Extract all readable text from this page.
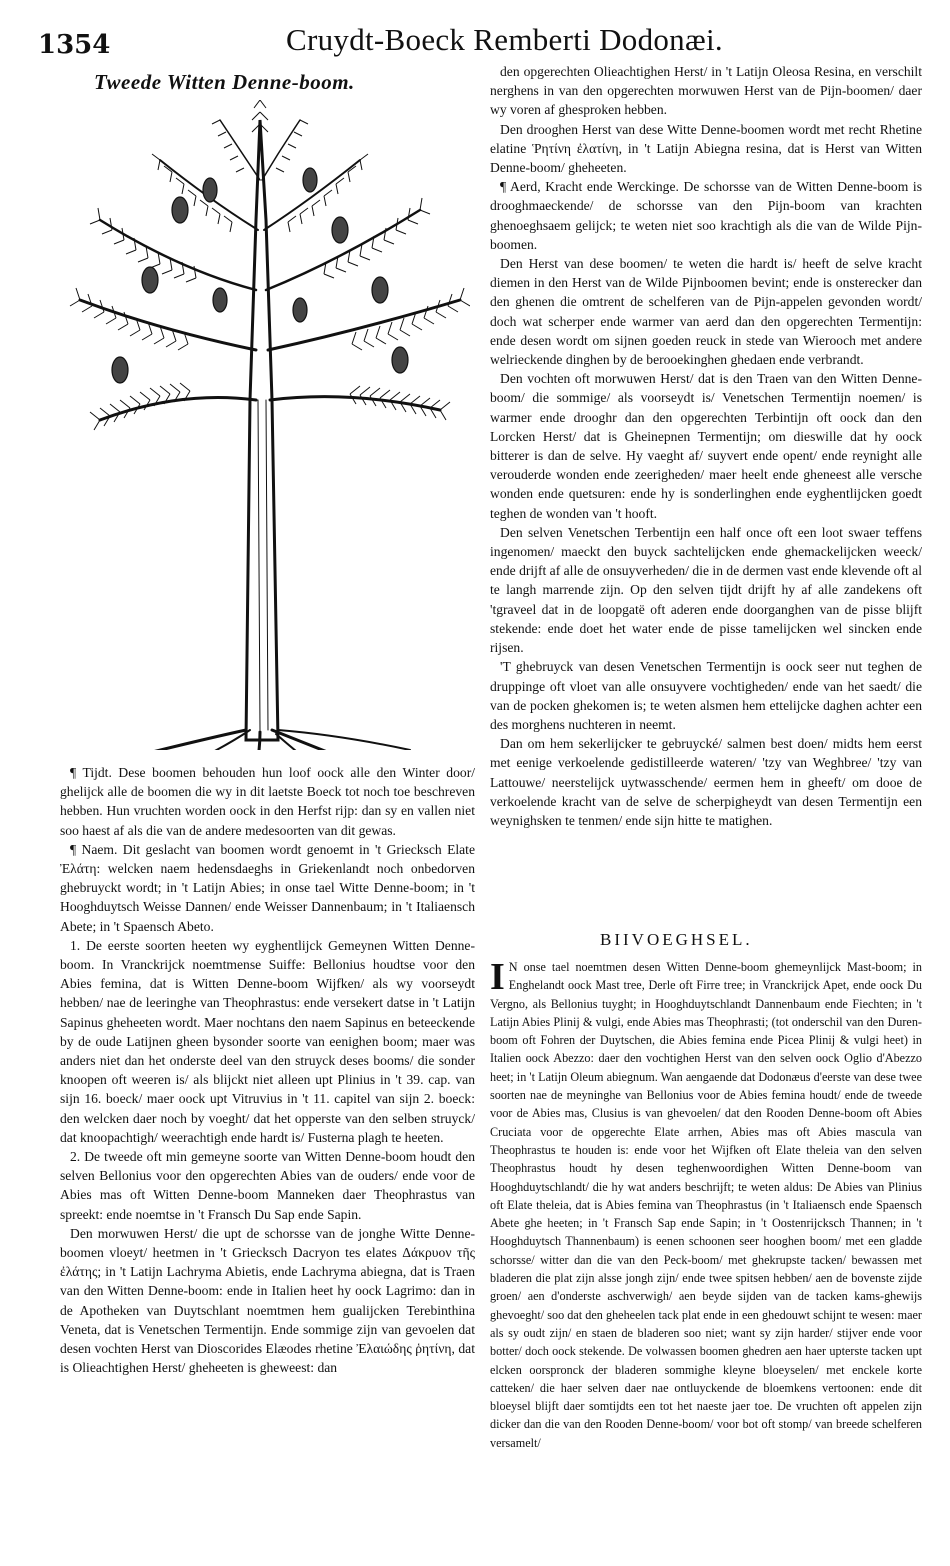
1354	Cruydt-Boeck Remberti Dodonæi.
Tweede Witten Denne-boom.

¶ Tijdt. Dese boomen behouden hun loof oock alle den Winter door/ ghelijck alle de boomen die wy in dit laetste Boeck tot noch toe beschreven hebben. Hun vruchten worden oock in den Herfst rijp: dan sy en vallen niet soo haest af als die van de andere medesoorten van dit gewas.

¶ Naem. Dit geslacht van boomen wordt genoemt in 't Griecksch Elate Ἐλάτη: welcken naem hedensdaeghs in Griekenlandt noch onbedorven ghebruyckt wordt; in 't Latijn Abies; in onse tael Witte Denne-boom; in 't Hooghduytsch Weisse Dannen/ ende Weisser Dannenbaum; in 't Italiaensch Abete; in 't Spaensch Abeto.

1. De eerste soorten heeten wy eyghentlijck Gemeynen Witten Denne-boom. In Vranckrijck noemtmense Suiffe: Bellonius houdtse voor den Abies femina, dat is Witten Denne-boom Wijfken/ als wy voorseydt hebben/ nae de leeringhe van Theophrastus: ende versekert datse in 't Latijn Sapinus gheheeten wordt. Maer nochtans den naem Sapinus en beteeckende by de oude Latijnen gheen bysonder soorte van eenighen boom; maer was anders niet dan het onderste deel van den struyck deses booms/ die sonder knoopen oft weeren is/ als blijckt niet alleen upt Plinius in 't 39. cap. van sijn 16. boeck/ maer oock upt Vitruvius in 't 11. capitel van sijn 2. boeck: den welcken daer noch by voeght/ dat het opperste van den selben struyck/ dat knoopachtigh/ weerachtigh ende hardt is/ Fusterna plagh te heeten.

2. De tweede oft min gemeyne soorte van Witten Denne-boom houdt den selven Bellonius voor den opgerechten Abies van de ouders/ ende voor de Abies mas oft Witten Denne-boom Manneken daer Theophrastus van spreekt: ende noemtse in 't Fransch Du Sap ende Sapin.

Den morwuwen Herst/ die upt de schorsse van de jonghe Witte Denne-boomen vloeyt/ heetmen in 't Griecksch Dacryon tes elates Δάκρυον τῆς ἐλάτης; in 't Latijn Lachryma Abietis, ende Lachryma abiegna, dat is Traen van den Witten Denne-boom: ende in Italien heet hy oock Lagrimo: dan in de Apotheken van Duytschlant noemtmen hem gualijcken Terebinthina Veneta, dat is Venetschen Termentijn. Ende sommige zijn van gevoelen dat desen vochten Herst van Dioscorides Elæodes rhetine Ἐλαιώδης ῥητίνη, dat is Olieachtighen Herst/ gheheeten is gheweest: dan

den opgerechten Olieachtighen Herst/ in 't Latijn Oleosa Resina, en verschilt nerghens in van den opgerechten morwuwen Herst van de Pijn-boomen/ daer wy voren af ghesproken hebben.

Den drooghen Herst van dese Witte Denne-boomen wordt met recht Rhetine elatine Ῥητίνη ἐλατίνη, in 't Latijn Abiegna resina, dat is Herst van Witten Denne-boom/ gheheeten.

¶ Aerd, Kracht ende Werckinge. De schorsse van de Witten Denne-boom is drooghmaeckende/ de schorsse van den Pijn-boom van krachten ghenoeghsaem gelijck; te weten niet soo krachtigh als die van de Wilde Pijn-boomen.

Den Herst van dese boomen/ te weten die hardt is/ heeft de selve kracht diemen in den Herst van de Wilde Pijnboomen bevint; ende is onsterecker dan den ghenen die omtrent de schelferen van de Pijn-appelen gevonden wordt/ doch wat scherper ende warmer van aerd dan den opgerechten Termentijn: ende desen wordt om sijnen goeden reuck in stede van Wierooch met andere welrieckende dinghen by de berooekinghen ghedaen ende verbrandt.

Den vochten oft morwuwen Herst/ dat is den Traen van den Witten Denne-boom/ die sommige/ als voorseydt is/ Venetschen Termentijn noemen/ is warmer ende drooghr dan den opgerechten Terbintijn oft oock dan den Lorcken Herst/ dat is Gheinepnen Termentijn; om dieswille dat hy oock bitterer is dan de selve. Hy vaeght af/ suyvert ende opent/ ende reynight alle verouderde wonden ende zeerigheden/ maer heelt ende gheneest alle versche wonden ende quetsuren: ende hy is sonderlinghen ende eyghentlijcken goedt teghen de wonden van 't hooft.

Den selven Venetschen Terbentijn een half once oft een loot swaer teffens ingenomen/ maeckt den buyck sachtelijcken ende ghemackelijcken weeck/ ende drijft af alle de onsuyverheden/ die in de dermen vast ende klevende oft al te langh marrende zijn. Op den selven tijdt drijft hy af alle zandekens oft 'tgraveel dat in de loopgatë oft aderen ende doorganghen van de pisse blijft stekende: ende doet het water ende de pisse tamelijcken wel sincken ende rijsen.

'T ghebruyck van desen Venetschen Termentijn is oock seer nut teghen de druppinge oft vloet van alle onsuyvere vochtigheden/ ende van het saedt/ die van de pocken ghekomen is; te weten alsmen hem ettelijcke daghen achter een des morghens nuchteren in neemt.

Dan om hem sekerlijcker te gebruycké/ salmen best doen/ midts hem eerst met eenige verkoelende gedistilleerde wateren/ 'tzy van Weghbree/ 'tzy van Lattouwe/ neerstelijck uytwasschende/ eermen hem in gheeft/ om dooe de verkoelende kracht van de selve de scherpigheydt van desen Termentijn een weynighsken te tenmen/ ende sijn hitte te matighen.

BIIVOEGHSEL.
I N onse tael noemtmen desen Witten Denne-boom ghemeynlijck Mast-boom; in Enghelandt oock Mast tree, Derle oft Firre tree; in Vranckrijck Apet, ende oock Du Vergno, als Bellonius tuyght; in Hooghduytschlandt Dannenbaum ende Fiechten; in 't Latijn Abies Plinij & vulgi, ende Abies mas Theophrasti; (tot onderschil van den Duren-boom oft Fohren der Duytschen, die Abies femina ende Picea Plinij & vulgi heet) in Italien oock Abezzo: daer den vochtighen Herst van den selven oock Oglio d'Abezzo heet; in 't Latijn Oleum abiegnum. Wan aengaende dat Dodonæus d'eerste van dese twee soorten nae de meyninghe van Bellonius voor de Abies femina houdt/ ende de tweede voor de Abies mas, Clusius is van ghevoelen/ dat den Rooden Denne-boom oft Abies Cruciata voor de opgerechte Elate arrhen, Abies mas oft Abies mascula van Theophrastus te houden is: ende voor het Wijfken oft Elate theleia van den selven Theophrastus houdt hy desen teghenwoordighen Witten Denne-boom van Hooghduytschlandt/ die hy wat anders beschrijft; te weten aldus: De Abies van Plinius oft Elate theleia, dat is Abies femina van Theophrastus (in 't Italiaensch ende Spaensch Abete ghe heeten; in 't Fransch Sap ende Sapin; in 't Oostenrijcksch Thannen; in 't Hooghduytsch Thannenbaum) is eenen schoonen seer hooghen boom/ met een gladde schorsse/ witter dan die van den Peck-boom/ met ghekrupste tacken/ bewassen met bladeren die plat zijn alsse jongh zijn/ ende twee spitsen hebben/ aen de bovenste zijde groen/ aen d'onderste aschverwigh/ aen beyde sijden van de tacken kams-ghewijs ghevoeght/ soo dat den gheheelen tack plat ende in een ghedouwt schijnt te wesen: maer als sy oudt zijn/ en staen de bladeren soo niet; want sy zijn harder/ stijver ende voor botter/ doch oock stekende. De volwassen boomen ghedren aen haer upterste tacken upt elcken oorspronck der bladeren sommighe kleyne bloeyselen/ met enckele korte catteken/ die haer selven daer nae ontluyckende de bloemkens vertoonen: ende dit bloeysel blijft daer somtijdts een tot het naeste jaer toe. De vruchten oft appelen zijn dicker dan die van den Rooden Denne-boom/ voor bot oft stomp/ van breede schelferen versamelt/
